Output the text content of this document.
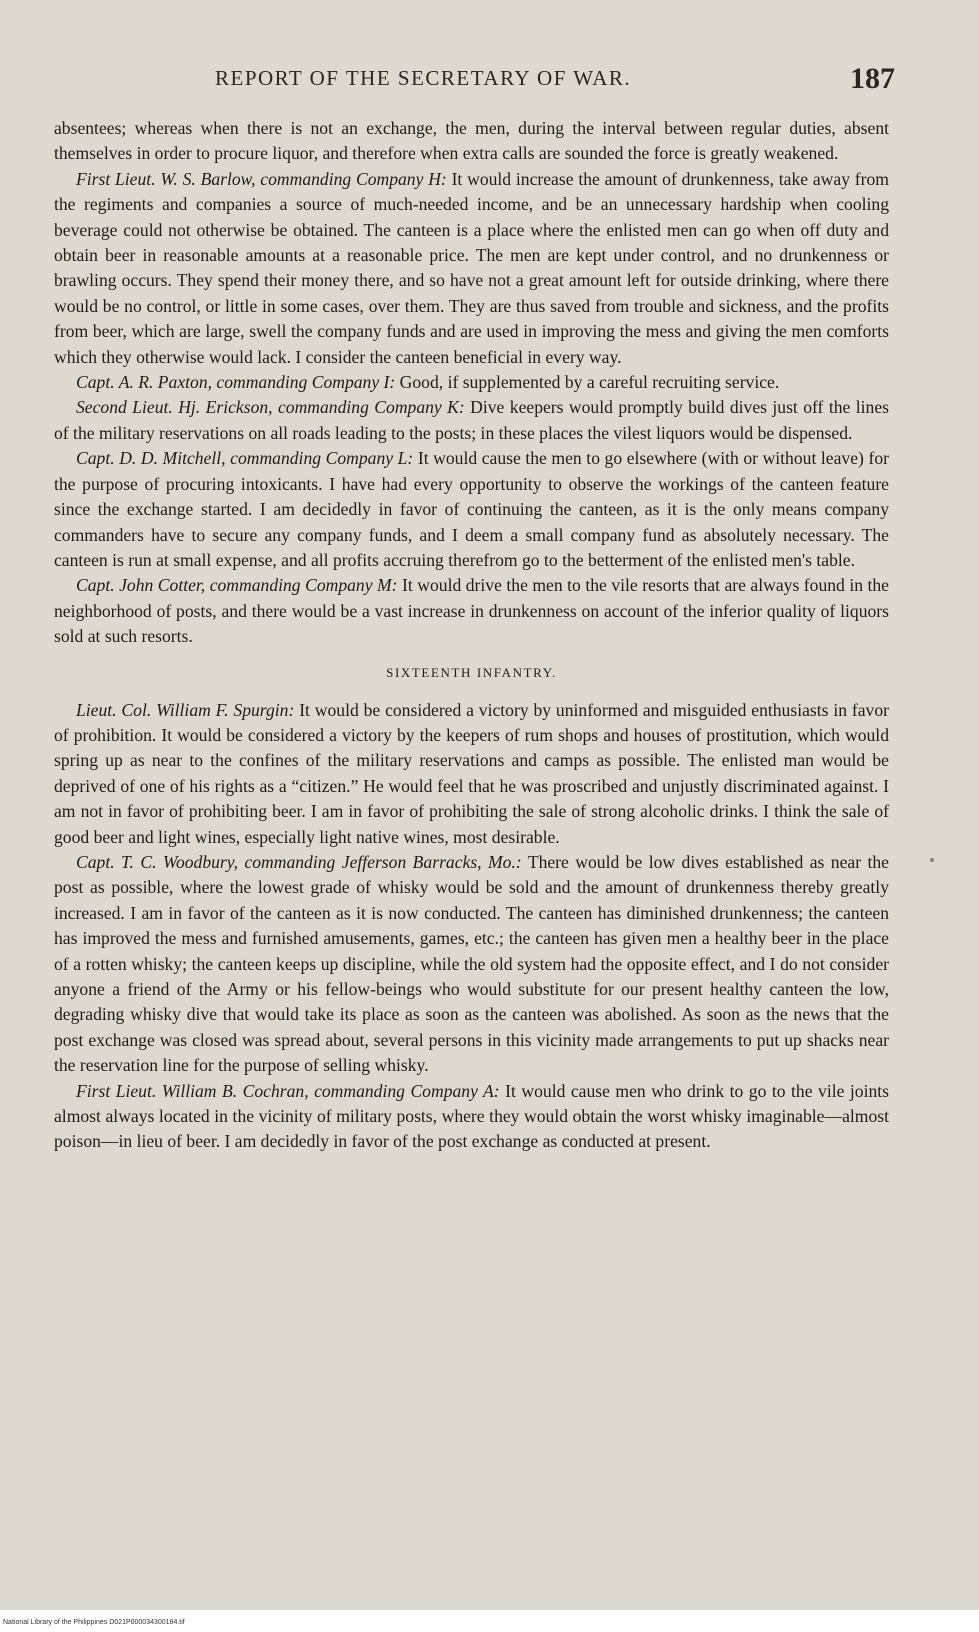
REPORT OF THE SECRETARY OF WAR.	187

absentees; whereas when there is not an exchange, the men, during the interval between regular duties, absent themselves in order to procure liquor, and therefore when extra calls are sounded the force is greatly weakened.

First Lieut. W. S. Barlow, commanding Company H: It would increase the amount of drunkenness, take away from the regiments and companies a source of much-needed income, and be an unnecessary hardship when cooling beverage could not otherwise be obtained. The canteen is a place where the enlisted men can go when off duty and obtain beer in reasonable amounts at a reasonable price. The men are kept under control, and no drunkenness or brawling occurs. They spend their money there, and so have not a great amount left for outside drinking, where there would be no control, or little in some cases, over them. They are thus saved from trouble and sickness, and the profits from beer, which are large, swell the company funds and are used in improving the mess and giving the men comforts which they otherwise would lack. I consider the canteen beneficial in every way.

Capt. A. R. Paxton, commanding Company I: Good, if supplemented by a careful recruiting service.

Second Lieut. Hj. Erickson, commanding Company K: Dive keepers would promptly build dives just off the lines of the military reservations on all roads leading to the posts; in these places the vilest liquors would be dispensed.

Capt. D. D. Mitchell, commanding Company L: It would cause the men to go elsewhere (with or without leave) for the purpose of procuring intoxicants. I have had every opportunity to observe the workings of the canteen feature since the exchange started. I am decidedly in favor of continuing the canteen, as it is the only means company commanders have to secure any company funds, and I deem a small company fund as absolutely necessary. The canteen is run at small expense, and all profits accruing therefrom go to the betterment of the enlisted men's table.

Capt. John Cotter, commanding Company M: It would drive the men to the vile resorts that are always found in the neighborhood of posts, and there would be a vast increase in drunkenness on account of the inferior quality of liquors sold at such resorts.

SIXTEENTH INFANTRY.

Lieut. Col. William F. Spurgin: It would be considered a victory by uninformed and misguided enthusiasts in favor of prohibition. It would be considered a victory by the keepers of rum shops and houses of prostitution, which would spring up as near to the confines of the military reservations and camps as possible. The enlisted man would be deprived of one of his rights as a “citizen.” He would feel that he was proscribed and unjustly discriminated against. I am not in favor of prohibiting beer. I am in favor of prohibiting the sale of strong alcoholic drinks. I think the sale of good beer and light wines, especially light native wines, most desirable.

Capt. T. C. Woodbury, commanding Jefferson Barracks, Mo.: There would be low dives established as near the post as possible, where the lowest grade of whisky would be sold and the amount of drunkenness thereby greatly increased. I am in favor of the canteen as it is now conducted. The canteen has diminished drunkenness; the canteen has improved the mess and furnished amusements, games, etc.; the canteen has given men a healthy beer in the place of a rotten whisky; the canteen keeps up discipline, while the old system had the opposite effect, and I do not consider anyone a friend of the Army or his fellow-beings who would substitute for our present healthy canteen the low, degrading whisky dive that would take its place as soon as the canteen was abolished. As soon as the news that the post exchange was closed was spread about, several persons in this vicinity made arrangements to put up shacks near the reservation line for the purpose of selling whisky.

First Lieut. William B. Cochran, commanding Company A: It would cause men who drink to go to the vile joints almost always located in the vicinity of military posts, where they would obtain the worst whisky imaginable—almost poison—in lieu of beer. I am decidedly in favor of the post exchange as conducted at present.

National Library of the Philippines D021P000034300184.tif
